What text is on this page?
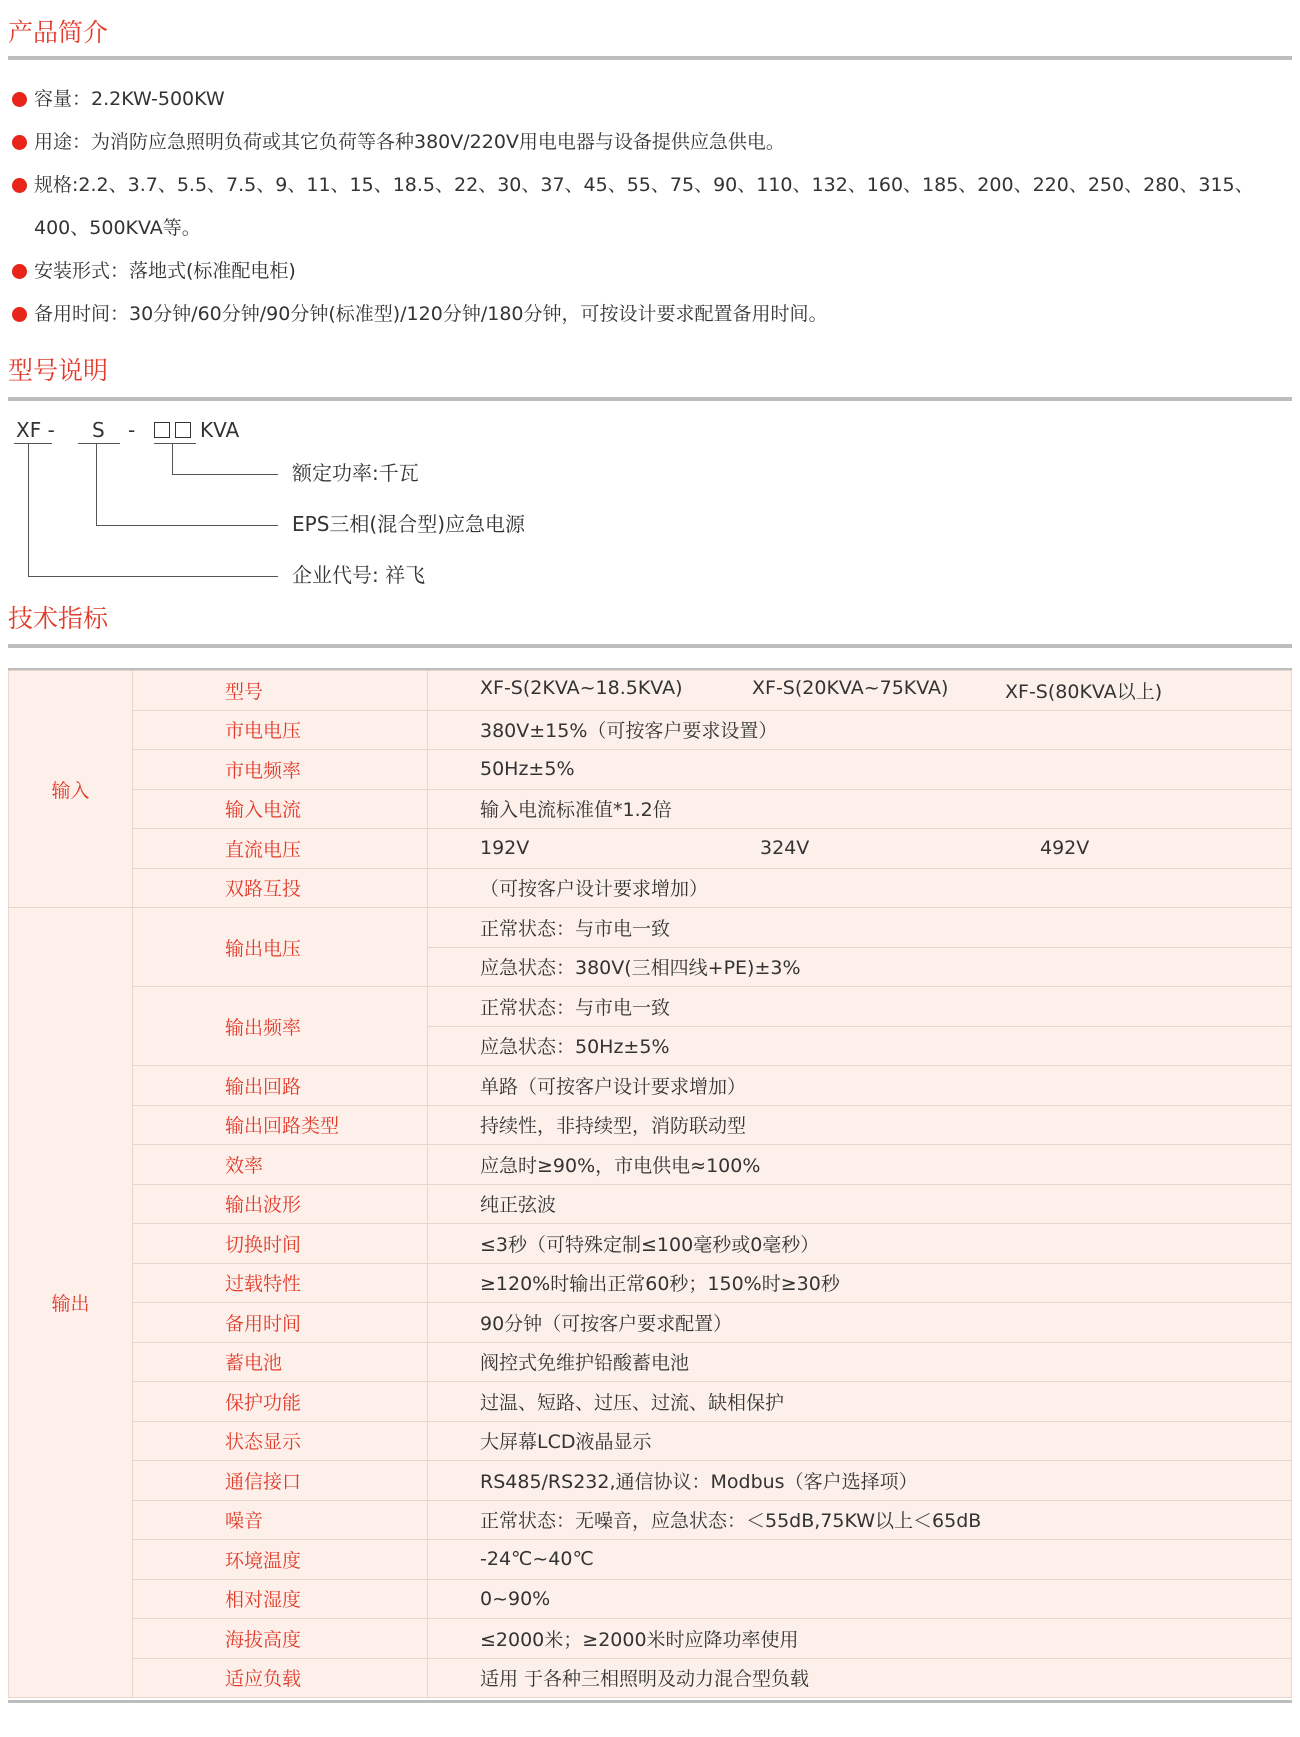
产品简介
容量：2.2KW-500KW
用途：为消防应急照明负荷或其它负荷等各种380V/220V用电电器与设备提供应急供电。
规格:2.2、3.7、5.5、7.5、9、11、15、18.5、22、30、37、45、55、75、90、110、132、160、185、200、220、250、280、315、
400、500KVA等。
安装形式：落地式(标准配电柜)
备用时间：30分钟/60分钟/90分钟(标准型)/120分钟/180分钟，可按设计要求配置备用时间。
型号说明
XF - S -	KVA
额定功率:千瓦
EPS三相(混合型)应急电源
企业代号: 祥飞
技术指标
输入	型号	XF-S(2KVA~18.5KVA) XF-S(20KVA~75KVA) XF-S(80KVA以上)

	市电电压	380V±15%（可按客户要求设置）
	市电频率	50Hz±5%
	输入电流	输入电流标准值*1.2倍
	直流电压	192V 324V 492V

	双路互投	（可按客户设计要求增加）
输出	输出电压	正常状态：与市电一致
		应急状态：380V(三相四线+PE)±3%
	输出频率	正常状态：与市电一致
		应急状态：50Hz±5%
	输出回路	单路（可按客户设计要求增加）
	输出回路类型	持续性，非持续型，消防联动型
	效率	应急时≥90%，市电供电≈100%
	输出波形	纯正弦波
	切换时间	≤3秒（可特殊定制≤100毫秒或0毫秒）
	过载特性	≥120%时输出正常60秒；150%时≥30秒
	备用时间	90分钟（可按客户要求配置）
	蓄电池	阀控式免维护铅酸蓄电池
	保护功能	过温、短路、过压、过流、缺相保护
	状态显示	大屏幕LCD液晶显示
	通信接口	RS485/RS232,通信协议：Modbus（客户选择项）
	噪音	正常状态：无噪音，应急状态：＜55dB,75KW以上＜65dB
	环境温度	-24℃~40℃
	相对湿度	0~90%
	海拔高度	≤2000米；≥2000米时应降功率使用
	适应负载	适用 于各种三相照明及动力混合型负载
